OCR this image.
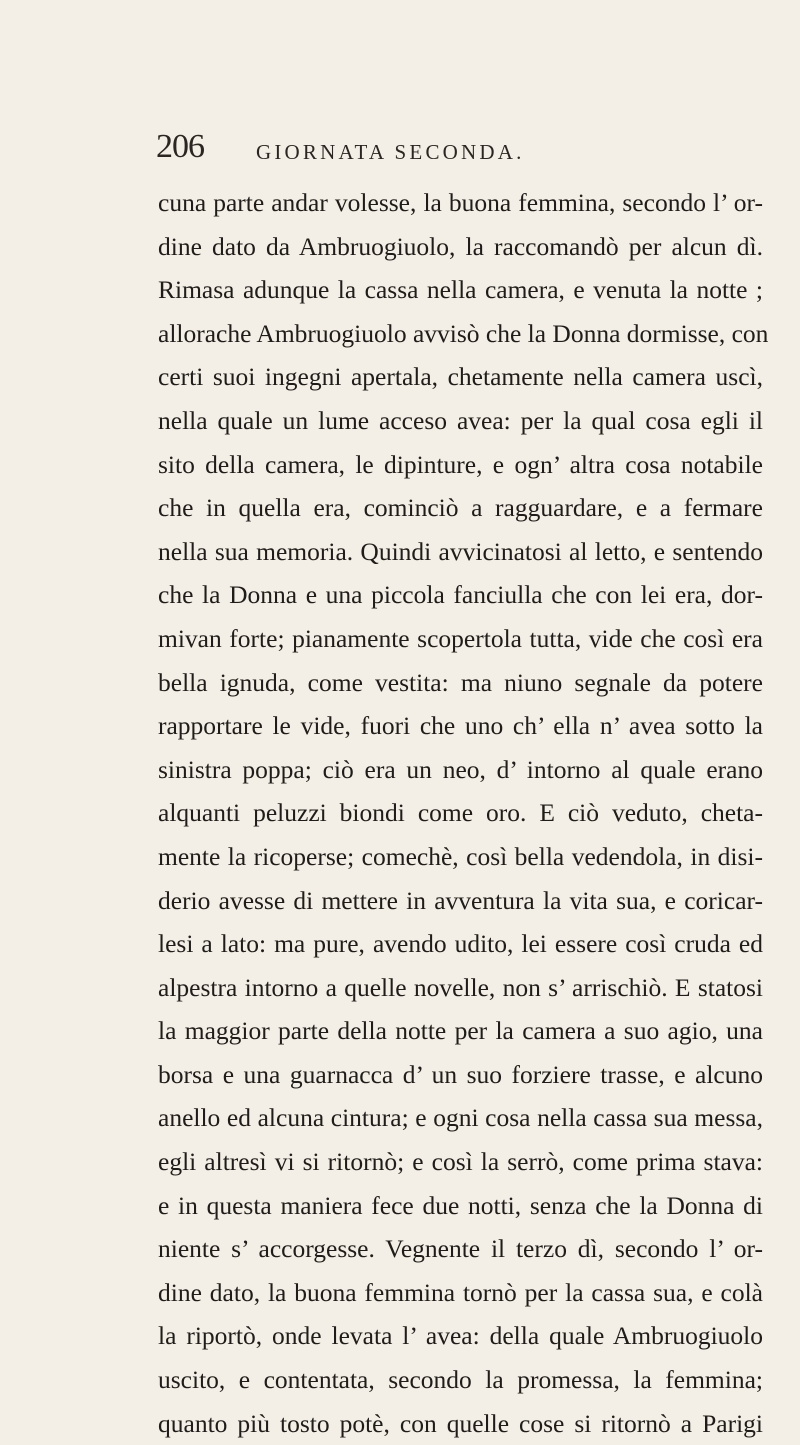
206 GIORNATA SECONDA.
cuna parte andar volesse, la buona femmina, secondo l’ or-
dine dato da Ambruogiuolo, la raccomandò per alcun dì.
Rimasa adunque la cassa nella camera, e venuta la notte ;
allorache Ambruogiuolo avvisò che la Donna dormisse, con
certi suoi ingegni apertala, chetamente nella camera uscì,
nella quale un lume acceso avea: per la qual cosa egli il
sito della camera, le dipinture, e ogn’ altra cosa notabile
che in quella era, cominciò a ragguardare, e a fermare
nella sua memoria. Quindi avvicinatosi al letto, e sentendo
che la Donna e una piccola fanciulla che con lei era, dor-
mivan forte; pianamente scopertola tutta, vide che così era
bella ignuda, come vestita: ma niuno segnale da potere
rapportare le vide, fuori che uno ch’ ella n’ avea sotto la
sinistra poppa; ciò era un neo, d’ intorno al quale erano
alquanti peluzzi biondi come oro. E ciò veduto, cheta-
mente la ricoperse; comechè, così bella vedendola, in disi-
derio avesse di mettere in avventura la vita sua, e coricar-
lesi a lato: ma pure, avendo udito, lei essere così cruda ed
alpestra intorno a quelle novelle, non s’ arrischiò. E statosi
la maggior parte della notte per la camera a suo agio, una
borsa e una guarnacca d’ un suo forziere trasse, e alcuno
anello ed alcuna cintura; e ogni cosa nella cassa sua messa,
egli altresì vi si ritornò; e così la serrò, come prima stava:
e in questa maniera fece due notti, senza che la Donna di
niente s’ accorgesse. Vegnente il terzo dì, secondo l’ or-
dine dato, la buona femmina tornò per la cassa sua, e colà
la riportò, onde levata l’ avea: della quale Ambruogiuolo
uscito, e contentata, secondo la promessa, la femmina;
quanto più tosto potè, con quelle cose si ritornò a Parigi
